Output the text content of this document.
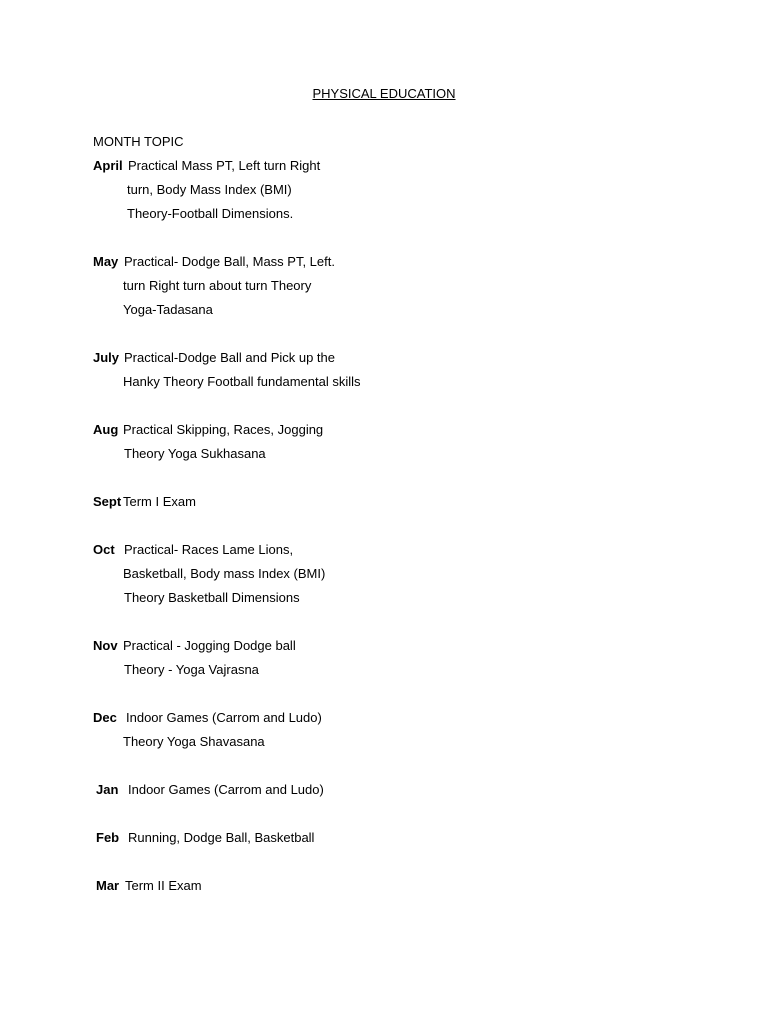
PHYSICAL EDUCATION
MONTH TOPIC
April Practical Mass PT, Left turn Right
turn, Body Mass Index (BMI)
Theory-Football Dimensions.
May Practical- Dodge Ball, Mass PT, Left.
turn Right turn about turn Theory
Yoga-Tadasana
July Practical-Dodge Ball and Pick up the
Hanky Theory Football fundamental skills
Aug Practical Skipping, Races, Jogging
Theory Yoga Sukhasana
Sept Term I Exam
Oct Practical- Races Lame Lions,
Basketball, Body mass Index (BMI)
Theory Basketball Dimensions
Nov Practical - Jogging Dodge ball
Theory - Yoga Vajrasna
Dec Indoor Games (Carrom and Ludo)
Theory Yoga Shavasana
Jan Indoor Games (Carrom and Ludo)
Feb Running, Dodge Ball, Basketball
Mar Term II Exam
